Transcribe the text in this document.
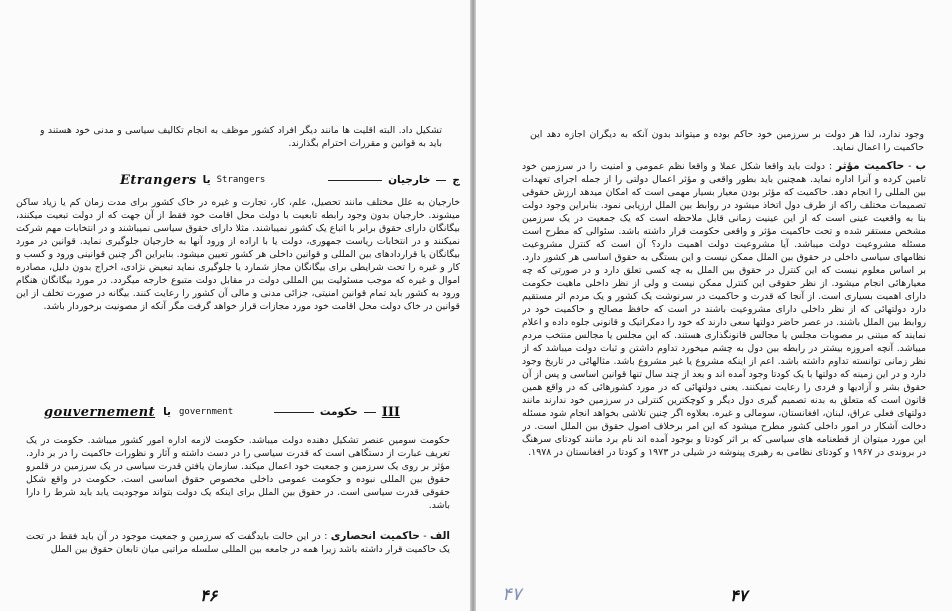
تشکیل داد. البته اقلیت ها مانند دیگر افراد کشور موظف به انجام تکالیف سیاسی و مدنی خود هستند و باید به قوانین و مقررات احترام بگذارند.
Etrangers یا Strangers	ج
خارجیان
خارجیان به علل مختلف مانند تحصیل، علم، کار، تجارت و غیره در خاک کشور برای مدت زمان کم یا زیاد ساکن میشوند. خارجیان بدون وجود رابطه تابعیت با دولت محل اقامت خود فقط از آن جهت که از دولت تبعیت میکنند، بیگانگان دارای حقوق برابر با اتباع یک کشور نمیباشند. مثلا دارای حقوق سیاسی نمیباشند و در انتخابات مهم شرکت نمیکنند و در انتخابات ریاست جمهوری، دولت یا با اراده از ورود آنها به خارجیان جلوگیری نماید. قوانین در مورد بیگانگان یا قراردادهای بین المللی و قوانین داخلی هر کشور تعیین میشود. بنابراین اگر چنین قوانینی ورود و کسب و کار و غیره را تحت شرایطی برای بیگانگان مجاز شمارد یا جلوگیری نماید تبعیض نژادی، اخراج بدون دلیل، مصادره اموال و غیره که موجب مسئولیت بین المللی دولت در مقابل دولت متبوع خارجه میگردد. در مورد بیگانگان هنگام ورود به کشور باید تمام قوانین امنیتی، جزائی مدنی و مالی آن کشور را رعایت کنند. بیگانه در صورت تخلف از این قوانین در خاک دولت محل اقامت خود مورد مجازات قرار خواهد گرفت مگر آنکه از مصونیت برخوردار باشد.
gouvernement یا government	III
حکومت
حکومت سومین عنصر تشکیل دهنده دولت میباشد. حکومت لازمه اداره امور کشور میباشد. حکومت در یک تعریف عبارت از دستگاهی است که قدرت سیاسی را در دست داشته و آثار و نظورات حاکمیت را در بر دارد. مؤثر بر روی یک سرزمین و جمعیت خود اعمال میکند. سازمان یافتن قدرت سیاسی در یک سرزمین در قلمرو حقوق بین المللی نبوده و حکومت عمومی داخلی مخصوص حقوق اساسی است. حکومت در واقع شکل حقوقی قدرت سیاسی است. در حقوق بین الملل برای اینکه یک دولت بتواند موجودیت یابد باید شرط را دارا باشد.
الف - حاکمیت انحصاری : در این حالت بایدگفت که سرزمین و جمعیت موجود در آن باید فقط در تحت یک حاکمیت قرار داشته باشد زیرا همه در جامعه بین المللی سلسله مراتبی میان تابعان حقوق بین الملل
۴۶
وجود ندارد، لذا هر دولت بر سرزمین خود حاکم بوده و میتواند بدون آنکه به دیگران اجازه دهد این حاکمیت را اعمال نماید.
ب - حاکمیت مؤثر : دولت باید واقعا شکل عملا و واقعا نظم عمومی و امنیت را در سرزمین خود تامین کرده و آنرا اداره نماید. همچنین باید بطور واقعی و مؤثر اعمال دولتی را از جمله اجرای تعهدات بین المللی را انجام دهد. حاکمیت که مؤثر بودن معیار بسیار مهمی است که امکان میدهد ارزش حقوقی تصمیمات مختلف راکه از طرف دول اتخاذ میشود در روابط بین الملل ارزیابی نمود. بنابراین وجود دولت بنا به واقعیت عینی است که از این عینیت زمانی قابل ملاحظه است که یک جمعیت در یک سرزمین مشخص مستقر شده و تحت حاکمیت مؤثر و واقعی حکومت قرار داشته باشد. سئوالی که مطرح است مسئله مشروعیت دولت میباشد. آیا مشروعیت دولت اهمیت دارد؟ آن است که کنترل مشروعیت نظامهای سیاسی داخلی در حقوق بین الملل ممکن نیست و این بستگی به حقوق اساسی هر کشور دارد. بر اساس معلوم نیست که این کنترل در حقوق بین الملل به چه کسی تعلق دارد و در صورتی که چه معیارهائی انجام میشود. از نظر حقوقی این کنترل ممکن نیست و ولی از نظر داخلی ماهیت حکومت دارای اهمیت بسیاری است. از آنجا که قدرت و حاکمیت در سرنوشت یک کشور و یک مردم اثر مستقیم دارد دولتهائی که از نظر داخلی دارای مشروعیت باشند در است که حافظ مصالح و حاکمیت خود در روابط بین الملل باشند. در عصر حاضر دولتها سعی دارند که خود را دمکراتیک و قانونی جلوه داده و اعلام نمایند که مبتنی بر مصوبات مجلس یا مجالس قانونگذاری هستند. که این مجلس یا مجالس منتخب مردم میباشد. آنچه امروزه بیشتر در رابطه بین دول به چشم میخورد تداوم داشتن و ثبات دولت میباشد که از نظر زمانی توانسته تداوم داشته باشد. اعم از اینکه مشروع یا غیر مشروع باشد. مثالهائی در تاریخ وجود دارد و در این زمینه که دولتها با یک کودتا وجود آمده اند و بعد از چند سال تنها قوانین اساسی و پس از آن حقوق بشر و آزادیها و فردی را رعایت نمیکنند. یعنی دولتهائی که در مورد کشورهائی که در واقع همین قانون است که متعلق به بدنه تصمیم گیری دول دیگر و کوچکترین کنترلی در سرزمین خود ندارند مانند دولتهای فعلی عراق، لبنان، افغانستان، سومالی و غیره. بعلاوه اگر چنین تلاشی بخواهد انجام شود مسئله دخالت آشکار در امور داخلی کشور مطرح میشود که این امر برخلاف اصول حقوق بین الملل است. در این مورد میتوان از قطعنامه های سیاسی که بر اثر کودتا و بوجود آمده اند نام برد مانند کودتای سرهنگ در بروندی در ۱۹۶۷ و کودتای نظامی به رهبری پینوشه در شیلی در ۱۹۷۳ و کودتا در افغانستان در ۱۹۷۸.
۴۷	۴۷
